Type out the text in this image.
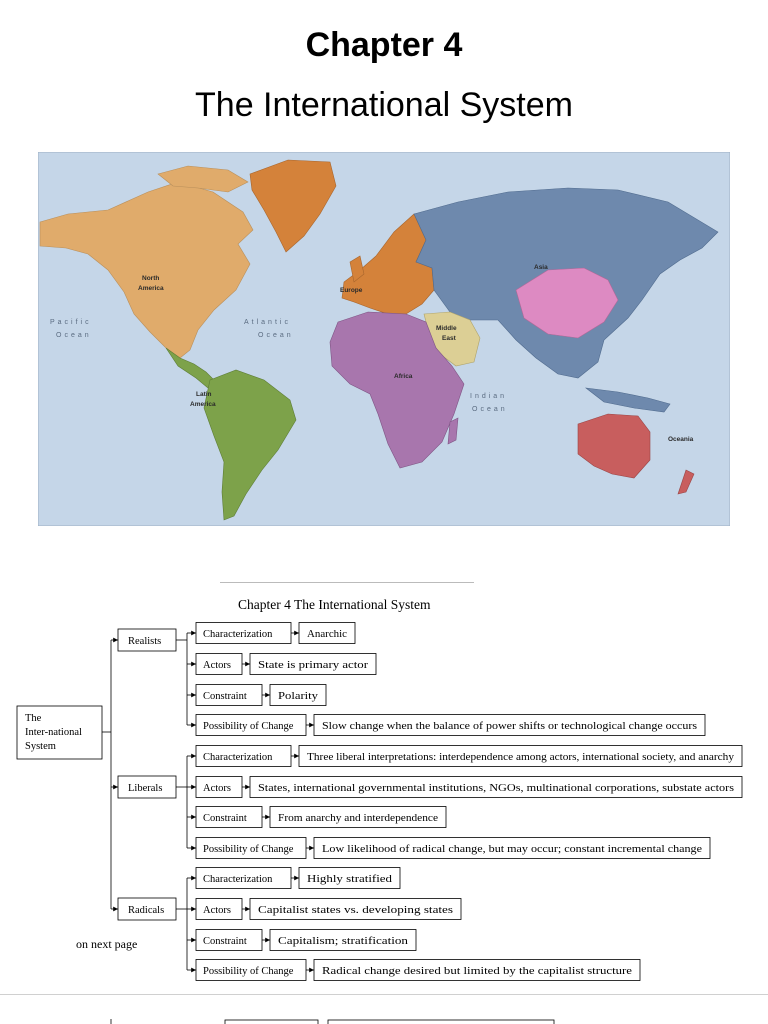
Chapter 4
The International System
North
America
Latin
America
Europe
Asia
Middle
East
Africa
Oceania
Pacific
Ocean
Atlantic
Ocean
Indian
Ocean
Chapter 4 The International System
The
Inter-national
System
Realists
Characterization	Anarchic
Actors	State is primary actor
Constraint	Polarity
Possibility of Change	Slow change when the balance of power shifts or technological change occurs
Liberals
Characterization	Three liberal interpretations: interdependence among actors, international society, and anarchy
Actors	States, international governmental institutions, NGOs, multinational corporations, substate actors
Constraint	From anarchy and interdependence
Possibility of Change	Low likelihood of radical change, but may occur; constant incremental change
Radicals
Characterization	Highly stratified
Actors	Capitalist states vs. developing states
Constraint	Capitalism; stratification
Possibility of Change	Radical change desired but limited by the capitalist structure
on next page
